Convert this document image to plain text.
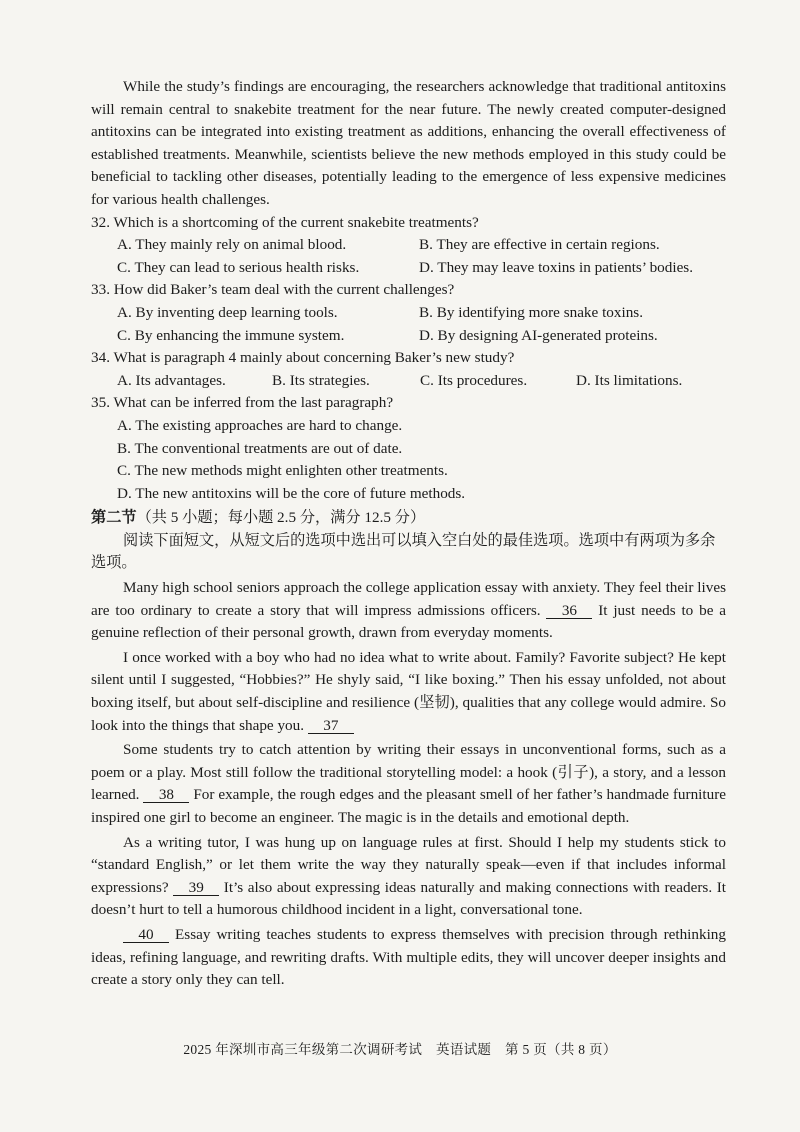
While the study’s findings are encouraging, the researchers acknowledge that traditional antitoxins will remain central to snakebite treatment for the near future. The newly created computer-designed antitoxins can be integrated into existing treatment as additions, enhancing the overall effectiveness of established treatments. Meanwhile, scientists believe the new methods employed in this study could be beneficial to tackling other diseases, potentially leading to the emergence of less expensive medicines for various health challenges.

32. Which is a shortcoming of the current snakebite treatments?

A. They mainly rely on animal blood.	B. They are effective in certain regions.
C. They can lead to serious health risks.	D. They may leave toxins in patients’ bodies.

33. How did Baker’s team deal with the current challenges?

A. By inventing deep learning tools.	B. By identifying more snake toxins.
C. By enhancing the immune system.	D. By designing AI-generated proteins.

34. What is paragraph 4 mainly about concerning Baker’s new study?

A. Its advantages.	B. Its strategies.	C. Its procedures.	D. Its limitations.

35. What can be inferred from the last paragraph?

A. The existing approaches are hard to change.
B. The conventional treatments are out of date.
C. The new methods might enlighten other treatments.
D. The new antitoxins will be the core of future methods.

第二节（共 5 小题；每小题 2.5 分，满分 12.5 分）

阅读下面短文，从短文后的选项中选出可以填入空白处的最佳选项。选项中有两项为多余选项。

Many high school seniors approach the college application essay with anxiety. They feel their lives are too ordinary to create a story that will impress admissions officers. 36 It just needs to be a genuine reflection of their personal growth, drawn from everyday moments.

I once worked with a boy who had no idea what to write about. Family? Favorite subject? He kept silent until I suggested, “Hobbies?” He shyly said, “I like boxing.” Then his essay unfolded, not about boxing itself, but about self-discipline and resilience (坚韧), qualities that any college would admire. So look into the things that shape you. 37

Some students try to catch attention by writing their essays in unconventional forms, such as a poem or a play. Most still follow the traditional storytelling model: a hook (引子), a story, and a lesson learned. 38 For example, the rough edges and the pleasant smell of her father’s handmade furniture inspired one girl to become an engineer. The magic is in the details and emotional depth.

As a writing tutor, I was hung up on language rules at first. Should I help my students stick to “standard English,” or let them write the way they naturally speak—even if that includes informal expressions? 39 It’s also about expressing ideas naturally and making connections with readers. It doesn’t hurt to tell a humorous childhood incident in a light, conversational tone.

40 Essay writing teaches students to express themselves with precision through rethinking ideas, refining language, and rewriting drafts. With multiple edits, they will uncover deeper insights and create a story only they can tell.

2025 年深圳市高三年级第二次调研考试　英语试题　第 5 页（共 8 页）
